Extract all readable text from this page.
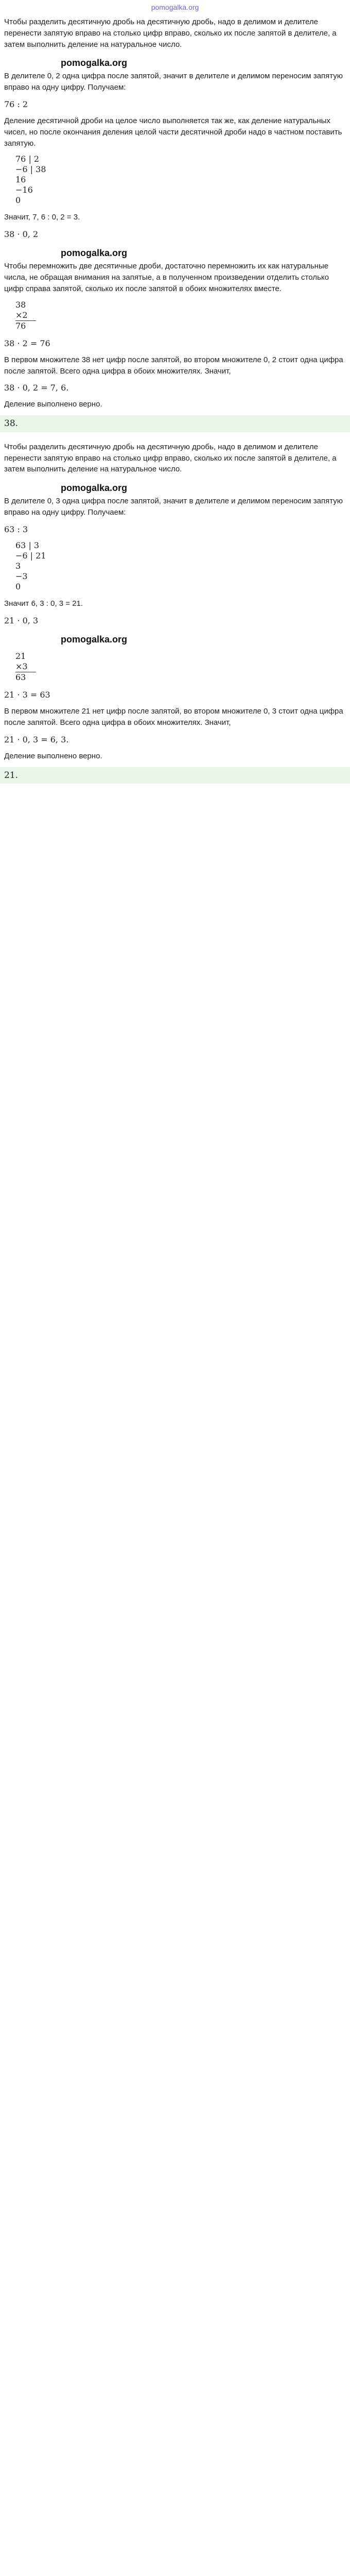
pomogalka.org

Чтобы разделить десятичную дробь на десятичную дробь, надо в делимом и делителе перенести запятую вправо на столько цифр вправо, сколько их после запятой в делителе, а затем выполнить деление на натуральное число.

pomogalka.org

В делителе 0, 2 одна цифра после запятой, значит в делителе и делимом переносим запятую вправо на одну цифру. Получаем:

76 : 2

Деление десятичной дроби на целое число выполняется так же, как деление натуральных чисел, но после окончания деления целой части десятичной дроби надо в частном поставить запятую.

76 | 2
−6 | 38
16
−16
0

Значит, 7, 6 : 0, 2 = 3.

38 · 0, 2
pomogalka.org

Чтобы перемножить две десятичные дроби, достаточно перемножить их как натуральные числа, не обращая внимания на запятые, а в полученном произведении отделить столько цифр справа запятой, сколько их после запятой в обоих множителях вместе.

38
×2
76
38 · 2 = 76

В первом множителе 38 нет цифр после запятой, во втором множителе 0, 2 стоит одна цифра после запятой. Всего одна цифра в обоих множителях. Значит,

38 · 0, 2 = 7, 6.

Деление выполнено верно.

38.

Чтобы разделить десятичную дробь на десятичную дробь, надо в делимом и делителе перенести запятую вправо на столько цифр вправо, сколько их после запятой в делителе, а затем выполнить деление на натуральное число.

pomogalka.org

В делителе 0, 3 одна цифра после запятой, значит в делителе и делимом переносим запятую вправо на одну цифру. Получаем:

63 : 3
63 | 3
−6 | 21
3
−3
0

Значит 6, 3 : 0, 3 = 21.

21 · 0, 3
pomogalka.org
21
×3
63
21 · 3 = 63

В первом множителе 21 нет цифр после запятой, во втором множителе 0, 3 стоит одна цифра после запятой. Всего одна цифра в обоих множителях. Значит,

21 · 0, 3 = 6, 3.

Деление выполнено верно.

21.
